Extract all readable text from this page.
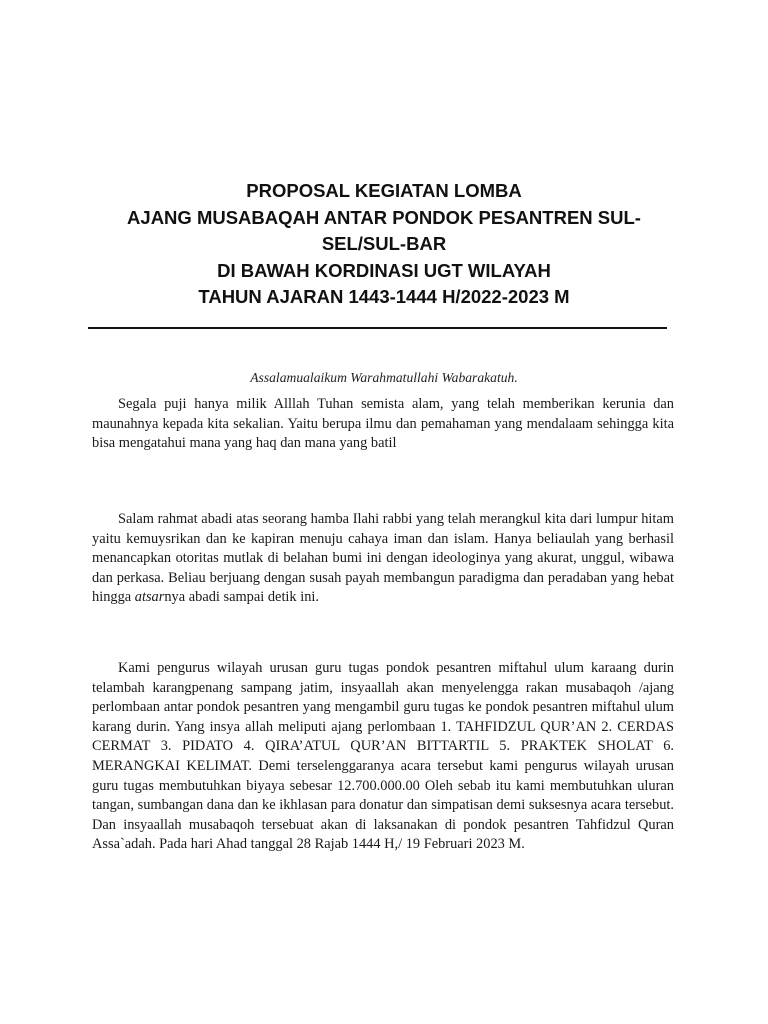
PROPOSAL KEGIATAN LOMBA
AJANG MUSABAQAH ANTAR PONDOK PESANTREN SUL-
SEL/SUL-BAR
DI BAWAH KORDINASI UGT WILAYAH
TAHUN AJARAN 1443-1444 H/2022-2023 M
Assalamualaikum Warahmatullahi Wabarakatuh.

Segala puji hanya milik Alllah Tuhan semista alam, yang telah memberikan kerunia dan maunahnya kepada kita sekalian. Yaitu berupa ilmu dan pemahaman yang mendalaam sehingga kita bisa mengatahui mana yang haq dan mana yang batil

Salam rahmat abadi atas seorang hamba Ilahi rabbi yang telah merangkul kita dari lumpur hitam yaitu kemuysrikan dan ke kapiran menuju cahaya iman dan islam. Hanya beliaulah yang berhasil menancapkan otoritas mutlak di belahan bumi ini dengan ideologinya yang akurat, unggul, wibawa dan perkasa. Beliau berjuang dengan susah payah membangun paradigma dan peradaban yang hebat hingga atsarnya abadi sampai detik ini.

Kami pengurus wilayah urusan guru tugas pondok pesantren miftahul ulum karaang durin telambah karangpenang sampang jatim, insyaallah akan menyelengga rakan musabaqoh /ajang perlombaan antar pondok pesantren yang mengambil guru tugas ke pondok pesantren miftahul ulum karang durin. Yang insya allah meliputi ajang perlombaan 1. TAHFIDZUL QUR’AN 2. CERDAS CERMAT 3. PIDATO 4. QIRA’ATUL QUR’AN BITTARTIL 5. PRAKTEK SHOLAT 6. MERANGKAI KELIMAT. Demi terselenggaranya acara tersebut kami pengurus wilayah urusan guru tugas membutuhkan biyaya sebesar 12.700.000.00 Oleh sebab itu kami membutuhkan uluran tangan, sumbangan dana dan ke ikhlasan para donatur dan simpatisan demi suksesnya acara tersebut. Dan insyaallah musabaqoh tersebuat akan di laksanakan di pondok pesantren Tahfidzul Quran Assa`adah. Pada hari Ahad tanggal 28 Rajab 1444 H,/ 19 Februari 2023 M.
